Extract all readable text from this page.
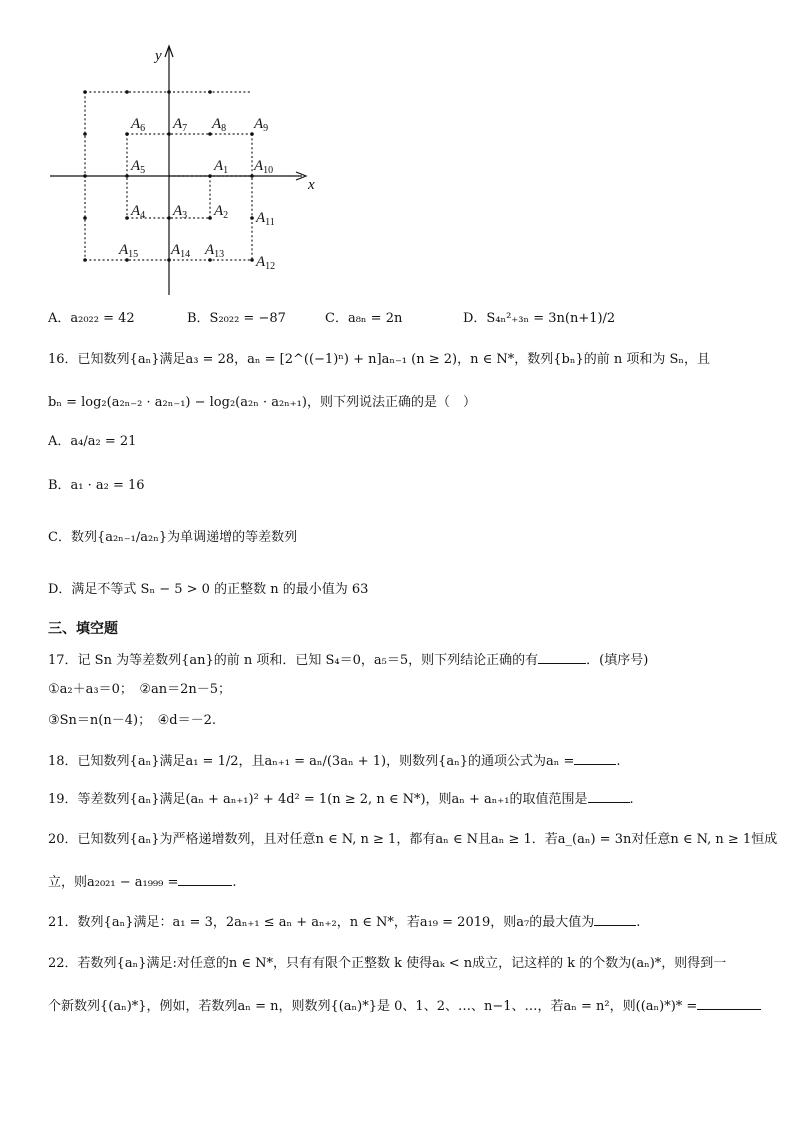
x
y
$A_1$
$A_2$
$A_3$
$A_4$
$A_5$
$A_6$ $A_7$ $A_8$ $A_9$
$A_{10}$
$A_{11}$
$A_{12}$
$A_{13}$
$A_{14}$
$A_{15}$
A．a₂₀₂₂ = 42	B．S₂₀₂₂ = −87	C．a₈ₙ = 2n	D．S₄ₙ²₊₃ₙ = 3n(n+1)/2
16．已知数列{aₙ}满足a₃ = 28，aₙ = [2^((−1)ⁿ) + n]aₙ₋₁ (n ≥ 2)，n ∈ N*，数列{bₙ}的前 n 项和为 Sₙ，且
bₙ = log₂(a₂ₙ₋₂ · a₂ₙ₋₁) − log₂(a₂ₙ · a₂ₙ₊₁)，则下列说法正确的是（　）
A．a₄/a₂ = 21
B．a₁ · a₂ = 16
C．数列{a₂ₙ₋₁/a₂ₙ}为单调递增的等差数列
D．满足不等式 Sₙ − 5 > 0 的正整数 n 的最小值为 63
三、填空题
17．记 Sn 为等差数列{an}的前 n 项和．已知 S₄＝0，a₅＝5，则下列结论正确的有	．(填序号)
①a₂＋a₃＝0；　②an＝2n－5；
③Sn＝n(n－4)；　④d＝－2.
18．已知数列{aₙ}满足a₁ = 1/2，且aₙ₊₁ = aₙ/(3aₙ + 1)，则数列{aₙ}的通项公式为aₙ =	.
19．等差数列{aₙ}满足(aₙ + aₙ₊₁)² + 4d² = 1(n ≥ 2, n ∈ N*)，则aₙ + aₙ₊₁的取值范围是	.
20．已知数列{aₙ}为严格递增数列，且对任意n ∈ N, n ≥ 1，都有aₙ ∈ N且aₙ ≥ 1．若a_(aₙ) = 3n对任意n ∈ N, n ≥ 1恒成
立，则a₂₀₂₁ − a₁₉₉₉ =	.
21．数列{aₙ}满足：a₁ = 3，2aₙ₊₁ ≤ aₙ + aₙ₊₂，n ∈ N*，若a₁₉ = 2019，则a₇的最大值为	.
22．若数列{aₙ}满足:对任意的n ∈ N*，只有有限个正整数 k 使得aₖ < n成立，记这样的 k 的个数为(aₙ)*，则得到一
个新数列{(aₙ)*}，例如，若数列aₙ = n，则数列{(aₙ)*}是 0、1、2、…、n−1、…，若aₙ = n²，则((aₙ)*)* =
